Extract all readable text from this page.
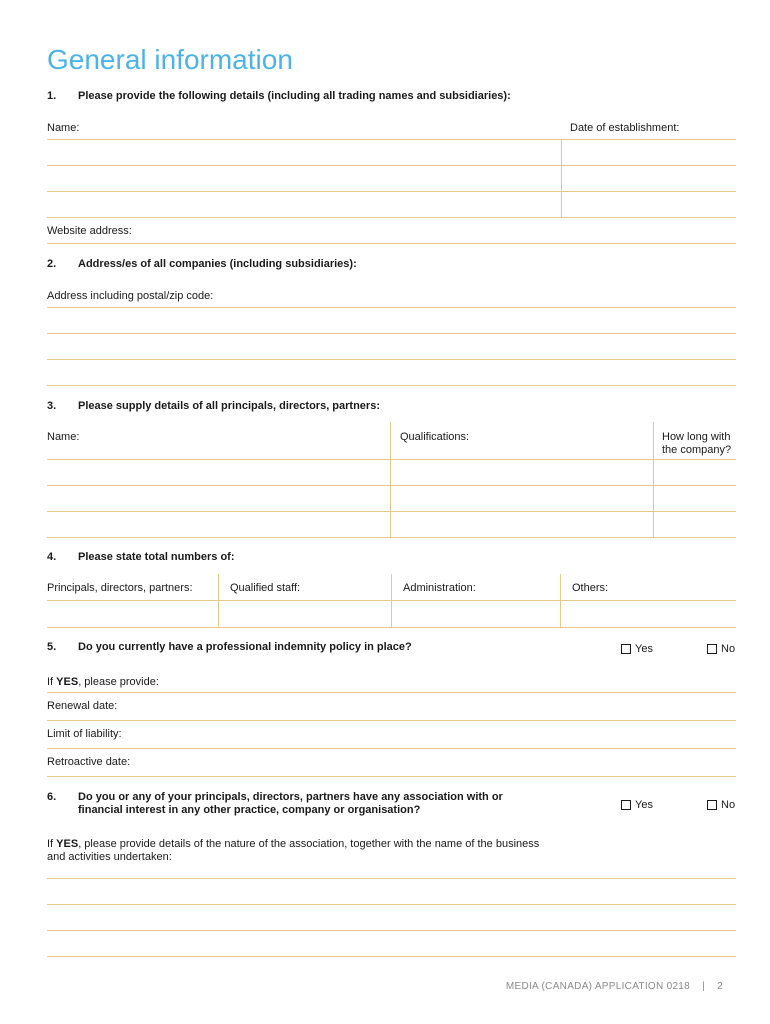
General information
1. Please provide the following details (including all trading names and subsidiaries):
Name:	Date of establishment:
Website address:
2. Address/es of all companies (including subsidiaries):
Address including postal/zip code:
3. Please supply details of all principals, directors, partners:
Name:	Qualifications:	How long with
the company?
4. Please state total numbers of:
Principals, directors, partners:	Qualified staff:	Administration:	Others:
5. Do you currently have a professional indemnity policy in place?	Yes	No
If YES, please provide:
Renewal date:
Limit of liability:
Retroactive date:
6. Do you or any of your principals, directors, partners have any association with or
financial interest in any other practice, company or organisation?	Yes	No
If YES, please provide details of the nature of the association, together with the name of the business
and activities undertaken:
MEDIA (CANADA) APPLICATION 0218 | 2
